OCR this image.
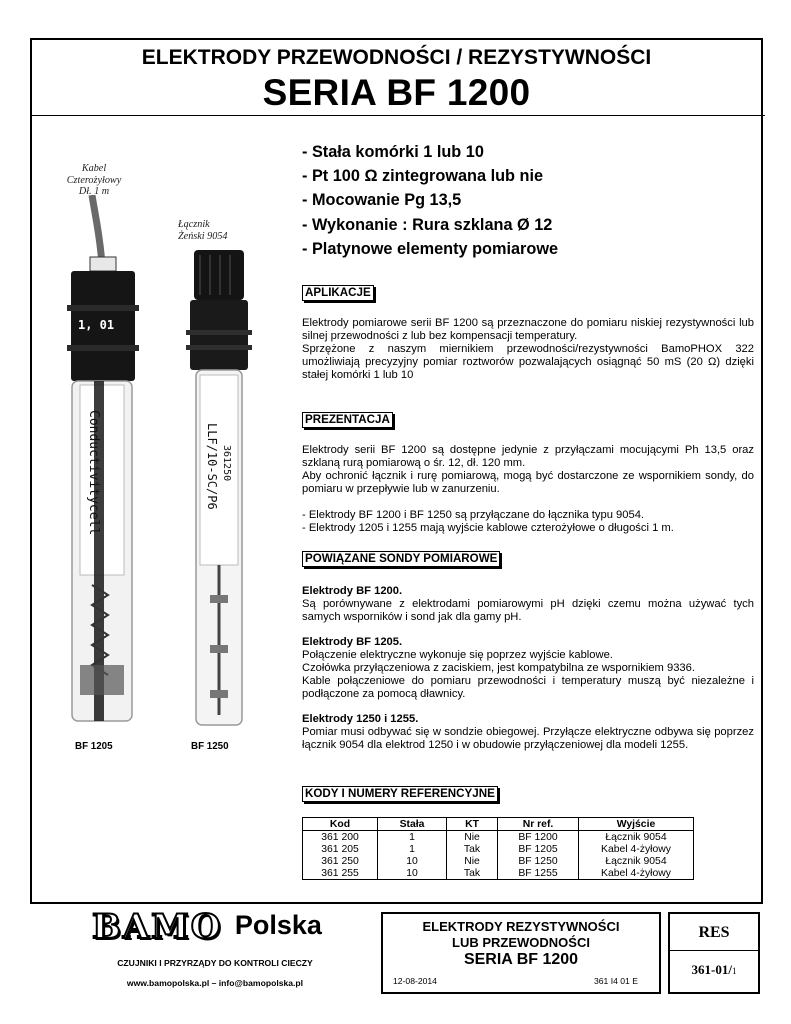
ELEKTRODY PRZEWODNOŚCI / REZYSTYWNOŚCI
SERIA BF 1200
Kabel
Czterożyłowy
Dł. 1 m
Łącznik
Żeński 9054
1, 01
Conductivitycell	LLF/10-SC/P6 361250
BF 1205	BF 1250
- Stała komórki 1 lub 10
- Pt 100 Ω zintegrowana lub nie
- Mocowanie Pg 13,5
- Wykonanie : Rura szklana Ø 12
- Platynowe elementy pomiarowe
APLIKACJE

Elektrody pomiarowe serii BF 1200 są przeznaczone do pomiaru niskiej rezystywności lub silnej przewodności z lub bez kompensacji temperatury.

Sprzężone z naszym miernikiem przewodności/rezystywności BamoPHOX 322 umożliwiają precyzyjny pomiar roztworów pozwalających osiągnąć 50 mS (20 Ω) dzięki stałej komórki 1 lub 10

PREZENTACJA

Elektrody serii BF 1200 są dostępne jedynie z przyłączami mocującymi Ph 13,5 oraz szklaną rurą pomiarową o śr. 12, dł. 120 mm.

Aby ochronić łącznik i rurę pomiarową, mogą być dostarczone ze wspornikiem sondy, do pomiaru w przepływie lub w zanurzeniu.

- Elektrody BF 1200 i BF 1250 są przyłączane do łącznika typu 9054.

- Elektrody 1205 i 1255 mają wyjście kablowe czterożyłowe o długości 1 m.

POWIĄZANE SONDY POMIAROWE

Elektrody BF 1200.

Są porównywane z elektrodami pomiarowymi pH dzięki czemu można używać tych samych wsporników i sond jak dla gamy pH.

Elektrody BF 1205.

Połączenie elektryczne wykonuje się poprzez wyjście kablowe.

Czołówka przyłączeniowa z zaciskiem, jest kompatybilna ze wspornikiem 9336.

Kable połączeniowe do pomiaru przewodności i temperatury muszą być niezależne i podłączone za pomocą dławnicy.

Elektrody 1250 i 1255.

Pomiar musi odbywać się w sondzie obiegowej. Przyłącze elektryczne odbywa się poprzez łącznik 9054 dla elektrod 1250 i w obudowie przyłączeniowej dla modeli 1255.

KODY I NUMERY REFERENCYJNE
Kod	Stała	KT	Nr ref.	Wyjście
361 200	1	Nie	BF 1200	Łącznik 9054
361 205	1	Tak	BF 1205	Kabel 4-żyłowy
361 250	10	Nie	BF 1250	Łącznik 9054
361 255	10	Tak	BF 1255	Kabel 4-żyłowy
BAMO Polska
CZUJNIKI I PRZYRZĄDY DO KONTROLI CIECZY
www.bamopolska.pl – info@bamopolska.pl
ELEKTRODY REZYSTYWNOŚCI
LUB PRZEWODNOŚCI
SERIA BF 1200
12-08-2014	361 I4 01 E
RES
361-01/1
